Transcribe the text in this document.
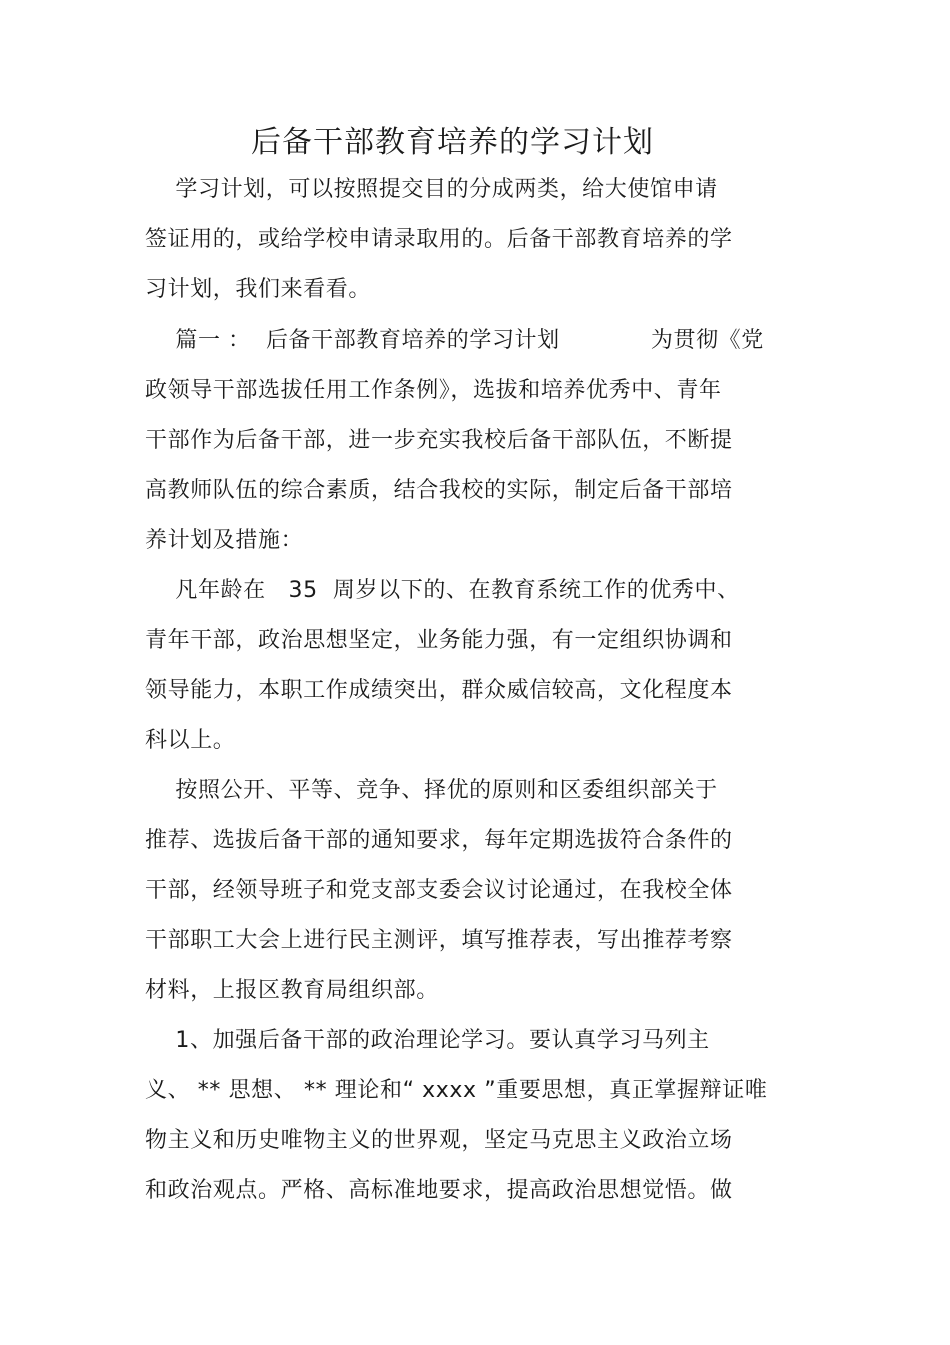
后备干部教育培养的学习计划
学习计划，可以按照提交目的分成两类，给大使馆申请
签证用的，或给学校申请录取用的。后备干部教育培养的学
习计划，我们来看看。
篇一 ：  后备干部教育培养的学习计划            为贯彻《党
政领导干部选拔任用工作条例》，选拔和培养优秀中、青年
干部作为后备干部，进一步充实我校后备干部队伍，不断提
高教师队伍的综合素质，结合我校的实际，制定后备干部培
养计划及措施：
凡年龄在   35  周岁以下的、在教育系统工作的优秀中、
青年干部，政治思想坚定，业务能力强，有一定组织协调和
领导能力，本职工作成绩突出，群众威信较高，文化程度本
科以上。
按照公开、平等、竞争、择优的原则和区委组织部关于
推荐、选拔后备干部的通知要求，每年定期选拔符合条件的
干部，经领导班子和党支部支委会议讨论通过，在我校全体
干部职工大会上进行民主测评，填写推荐表，写出推荐考察
材料，上报区教育局组织部。
1、加强后备干部的政治理论学习。要认真学习马列主
义、 ** 思想、 ** 理论和“ xxxx ”重要思想，真正掌握辩证唯
物主义和历史唯物主义的世界观，坚定马克思主义政治立场
和政治观点。严格、高标准地要求，提高政治思想觉悟。做
